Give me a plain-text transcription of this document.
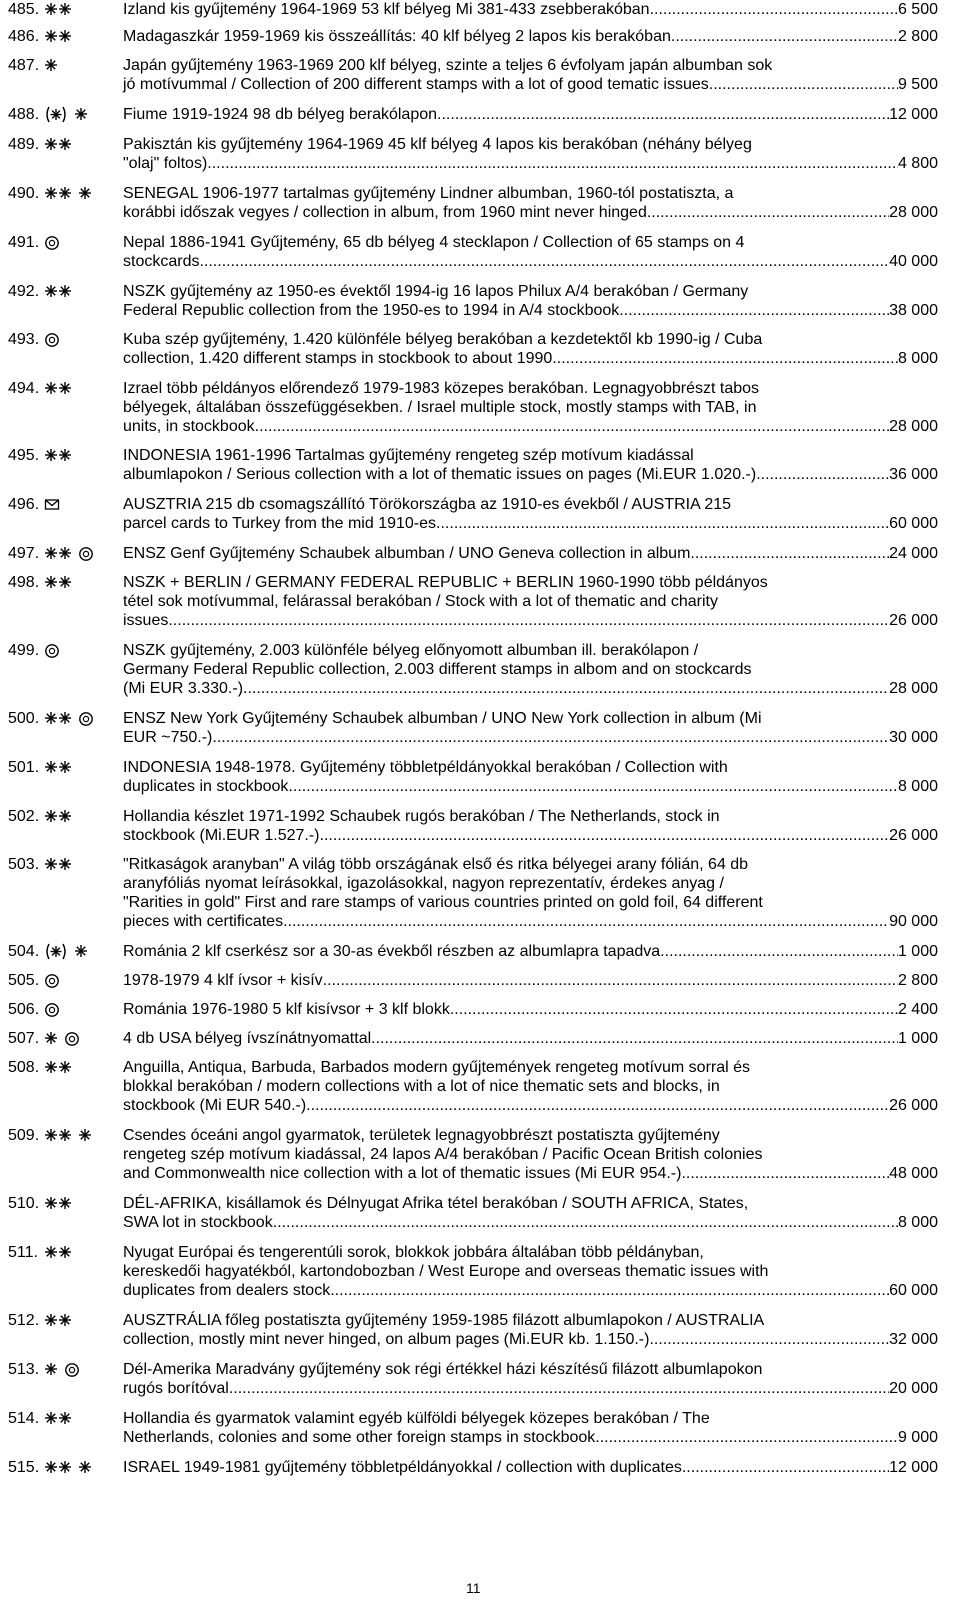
485.	Izland kis gyűjtemény 1964-1969 53 klf bélyeg Mi 381-433 zsebberakóban .....	6 500
486.	Madagaszkár 1959-1969 kis összeállítás: 40 klf bélyeg 2 lapos kis berakóban .....	2 800
487.	Japán gyűjtemény 1963-1969 200 klf bélyeg, szinte a teljes 6 évfolyam japán albumban sok
jó motívummal / Collection of 200 different stamps with a lot of good tematic issues .....	9 500
488.	Fiume 1919-1924 98 db bélyeg berakólapon .....	12 000
489.	Pakisztán kis gyűjtemény 1964-1969 45 klf bélyeg 4 lapos kis berakóban (néhány bélyeg
"olaj" foltos) .....	4 800
490.	SENEGAL 1906-1977 tartalmas gyűjtemény Lindner albumban, 1960-tól postatiszta, a
korábbi időszak vegyes / collection in album, from 1960 mint never hinged .....	28 000
491.	Nepal 1886-1941 Gyűjtemény, 65 db bélyeg 4 stecklapon / Collection of 65 stamps on 4
stockcards .....	40 000
492.	NSZK gyűjtemény az 1950-es évektől 1994-ig 16 lapos Philux A/4 berakóban / Germany
Federal Republic collection from the 1950-es to 1994 in A/4 stockbook .....	38 000
493.	Kuba szép gyűjtemény, 1.420 különféle bélyeg berakóban a kezdetektől kb 1990-ig / Cuba
collection, 1.420 different stamps in stockbook to about 1990 .....	8 000
494.	Izrael több példányos előrendező 1979-1983 közepes berakóban. Legnagyobbrészt tabos
bélyegek, általában összefüggésekben. / Israel multiple stock, mostly stamps with TAB, in
units, in stockbook. .....	28 000
495.	INDONESIA 1961-1996 Tartalmas gyűjtemény rengeteg szép motívum kiadással
albumlapokon / Serious collection with a lot of thematic issues on pages (Mi.EUR 1.020.-) .....	36 000
496.	AUSZTRIA 215 db csomagszállító Törökországba az 1910-es évekből / AUSTRIA 215
parcel cards to Turkey from the mid 1910-es .....	60 000
497.	ENSZ Genf Gyűjtemény Schaubek albumban / UNO Geneva collection in album .....	24 000
498.	NSZK + BERLIN / GERMANY FEDERAL REPUBLIC + BERLIN 1960-1990 több példányos
tétel sok motívummal, felárassal berakóban / Stock with a lot of thematic and charity
issues. .....	26 000
499.	NSZK gyűjtemény, 2.003 különféle bélyeg előnyomott albumban ill. berakólapon /
Germany Federal Republic collection, 2.003 different stamps in albom and on stockcards
(Mi EUR 3.330.-) .....	28 000
500.	ENSZ New York Gyűjtemény Schaubek albumban / UNO New York collection in album (Mi
EUR ~750.-) .....	30 000
501.	INDONESIA 1948-1978. Gyűjtemény többletpéldányokkal berakóban / Collection with
duplicates in stockbook .....	8 000
502.	Hollandia készlet 1971-1992 Schaubek rugós berakóban / The Netherlands, stock in
stockbook (Mi.EUR 1.527.-) .....	26 000
503.	"Ritkaságok aranyban" A világ több országának első és ritka bélyegei arany fólián, 64 db
aranyfóliás nyomat leírásokkal, igazolásokkal, nagyon reprezentatív, érdekes anyag /
"Rarities in gold" First and rare stamps of various countries printed on gold foil, 64 different
pieces with certificates .....	90 000
504.	Románia 2 klf cserkész sor a 30-as évekből részben az albumlapra tapadva .....	1 000
505.	1978-1979 4 klf ívsor + kisív .....	2 800
506.	Románia 1976-1980 5 klf kisívsor + 3 klf blokk .....	2 400
507.	4 db USA bélyeg ívszínátnyomattal .....	1 000
508.	Anguilla, Antiqua, Barbuda, Barbados modern gyűjtemények rengeteg motívum sorral és
blokkal berakóban / modern collections with a lot of nice thematic sets and blocks, in
stockbook (Mi EUR 540.-) .....	26 000
509.	Csendes óceáni angol gyarmatok, területek legnagyobbrészt postatiszta gyűjtemény
rengeteg szép motívum kiadással, 24 lapos A/4 berakóban / Pacific Ocean British colonies
and Commonwealth nice collection with a lot of thematic issues (Mi EUR 954.-) .....	48 000
510.	DÉL-AFRIKA, kisállamok és Délnyugat Afrika tétel berakóban / SOUTH AFRICA, States,
SWA lot in stockbook .....	8 000
511.	Nyugat Európai és tengerentúli sorok, blokkok jobbára általában több példányban,
kereskedői hagyatékból, kartondobozban / West Europe and overseas thematic issues with
duplicates from dealers stock .....	60 000
512.	AUSZTRÁLIA főleg postatiszta gyűjtemény 1959-1985 filázott albumlapokon / AUSTRALIA
collection, mostly mint never hinged, on album pages (Mi.EUR kb. 1.150.-) .....	32 000
513.	Dél-Amerika Maradvány gyűjtemény sok régi értékkel házi készítésű filázott albumlapokon
rugós borítóval .....	20 000
514.	Hollandia és gyarmatok valamint egyéb külföldi bélyegek közepes berakóban / The
Netherlands, colonies and some other foreign stamps in stockbook .....	9 000
515.	ISRAEL 1949-1981 gyűjtemény többletpéldányokkal / collection with duplicates .....	12 000
11
